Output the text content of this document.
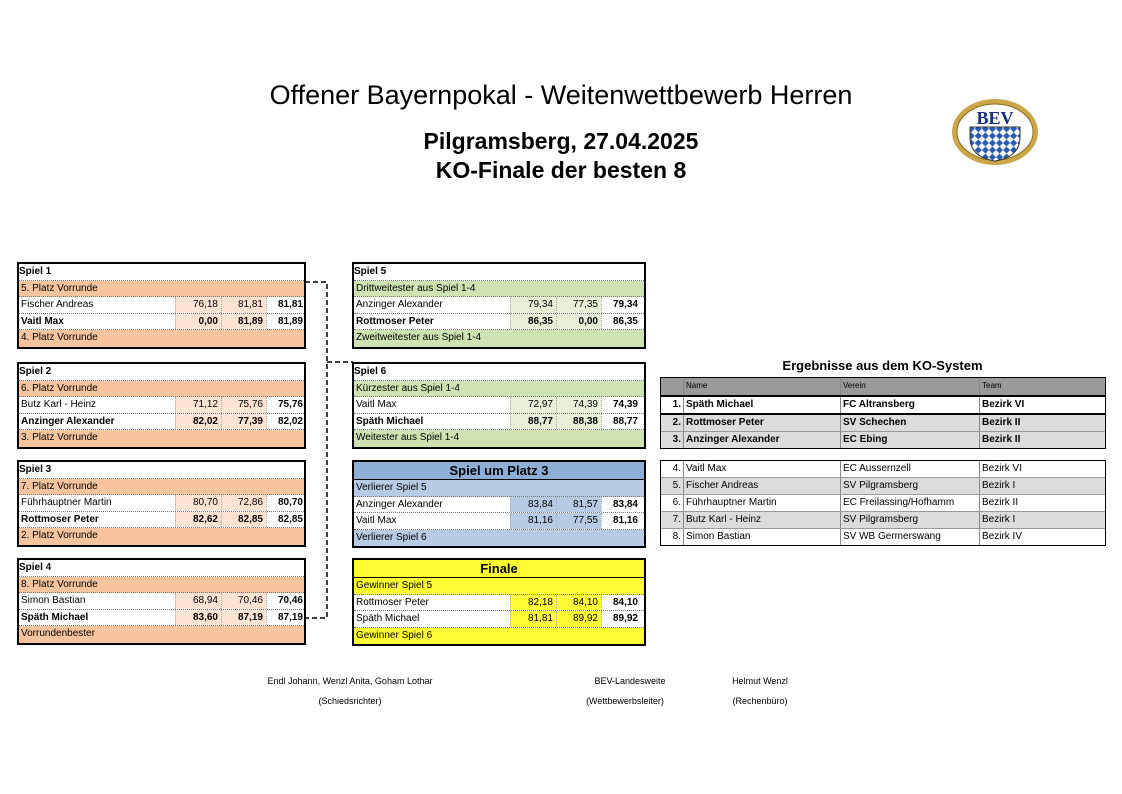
Offener Bayernpokal - Weitenwettbewerb Herren
Pilgramsberg, 27.04.2025
KO-Finale der besten 8
BEV
Ergebnisse aus dem KO-System
Name	Verein	Team
1. Späth Michael	FC Altransberg	Bezirk VI
2. Rottmoser Peter	SV Schechen	Bezirk II
3. Anzinger Alexander	EC Ebing	Bezirk II
4. Vaitl Max	EC Aussernzell	Bezirk VI
5. Fischer Andreas	SV Pilgramsberg	Bezirk I
6. Führhauptner Martin	EC Freilassing/Hofhamm	Bezirk II
7. Butz Karl - Heinz	SV Pilgramsberg	Bezirk I
8. Simon Bastian	SV WB Germerswang	Bezirk IV
Endl Johann, Wenzl Anita, Goham Lothar
(Schiedsrichter)
BEV-Landesweite
(Wettbewerbsleiter)
Helmut Wenzl
(Rechenbüro)
Spiel 1
5. Platz Vorrunde
Fischer Andreas	76,18	81,81	81,81
Vaitl Max	0,00	81,89	81,89
4. Platz Vorrunde
Spiel 2
6. Platz Vorrunde
Butz Karl - Heinz	71,12	75,76	75,76
Anzinger Alexander	82,02	77,39	82,02
3. Platz Vorrunde
Spiel 3
7. Platz Vorrunde
Führhauptner Martin	80,70	72,86	80,70
Rottmoser Peter	82,62	82,85	82,85
2. Platz Vorrunde
Spiel 4
8. Platz Vorrunde
Simon Bastian	68,94	70,46	70,46
Späth Michael	83,60	87,19	87,19
Vorrundenbester
Spiel 5
Drittweitester aus Spiel 1-4
Anzinger Alexander	79,34	77,35	79,34
Rottmoser Peter	86,35	0,00	86,35
Zweitweitester aus Spiel 1-4
Spiel 6
Kürzester aus Spiel 1-4
Vaitl Max	72,97	74,39	74,39
Späth Michael	88,77	88,38	88,77
Weitester aus Spiel 1-4
Spiel um Platz 3
Verlierer Spiel 5
Anzinger Alexander	83,84	81,57	83,84
Vaitl Max	81,16	77,55	81,16
Verlierer Spiel 6
Finale
Gewinner Spiel 5
Rottmoser Peter	82,18	84,10	84,10
Späth Michael	81,81	89,92	89,92
Gewinner Spiel 6
